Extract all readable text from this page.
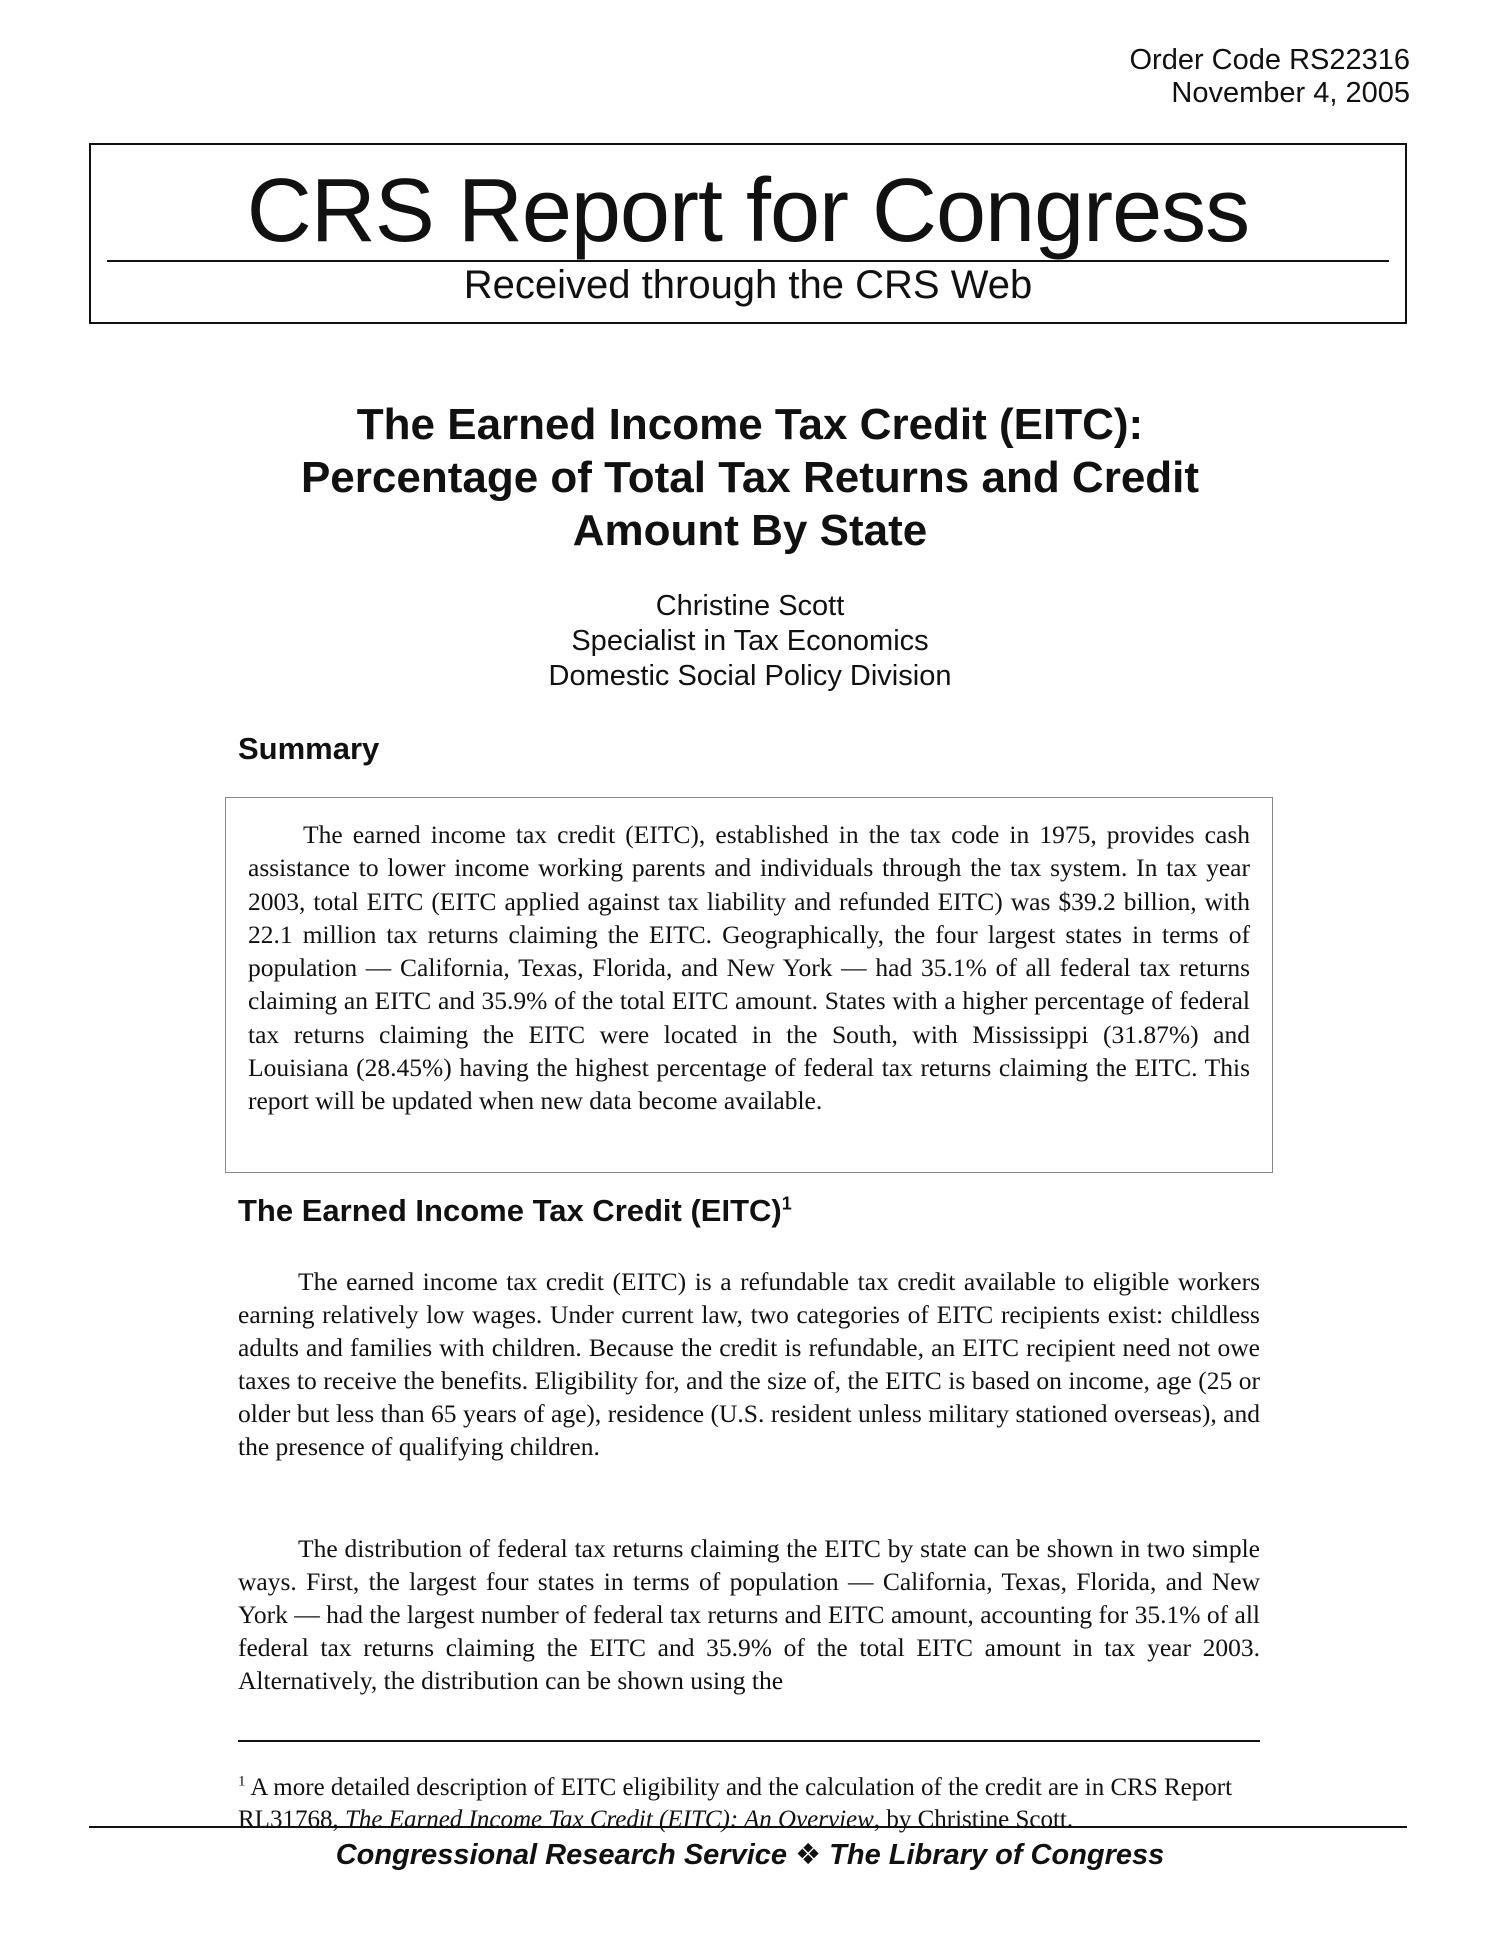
Order Code RS22316
November 4, 2005
CRS Report for Congress
Received through the CRS Web
The Earned Income Tax Credit (EITC):
Percentage of Total Tax Returns and Credit
Amount By State
Christine Scott
Specialist in Tax Economics
Domestic Social Policy Division
Summary

The earned income tax credit (EITC), established in the tax code in 1975, provides cash assistance to lower income working parents and individuals through the tax system. In tax year 2003, total EITC (EITC applied against tax liability and refunded EITC) was $39.2 billion, with 22.1 million tax returns claiming the EITC. Geographically, the four largest states in terms of population — California, Texas, Florida, and New York — had 35.1% of all federal tax returns claiming an EITC and 35.9% of the total EITC amount. States with a higher percentage of federal tax returns claiming the EITC were located in the South, with Mississippi (31.87%) and Louisiana (28.45%) having the highest percentage of federal tax returns claiming the EITC. This report will be updated when new data become available.

The Earned Income Tax Credit (EITC)$^1$

The earned income tax credit (EITC) is a refundable tax credit available to eligible workers earning relatively low wages. Under current law, two categories of EITC recipients exist: childless adults and families with children. Because the credit is refundable, an EITC recipient need not owe taxes to receive the benefits. Eligibility for, and the size of, the EITC is based on income, age (25 or older but less than 65 years of age), residence (U.S. resident unless military stationed overseas), and the presence of qualifying children.

The distribution of federal tax returns claiming the EITC by state can be shown in two simple ways. First, the largest four states in terms of population — California, Texas, Florida, and New York — had the largest number of federal tax returns and EITC amount, accounting for 35.1% of all federal tax returns claiming the EITC and 35.9% of the total EITC amount in tax year 2003. Alternatively, the distribution can be shown using the

$^1$ A more detailed description of EITC eligibility and the calculation of the credit are in CRS Report RL31768, The Earned Income Tax Credit (EITC): An Overview, by Christine Scott.

Congressional Research Service ❖ The Library of Congress
